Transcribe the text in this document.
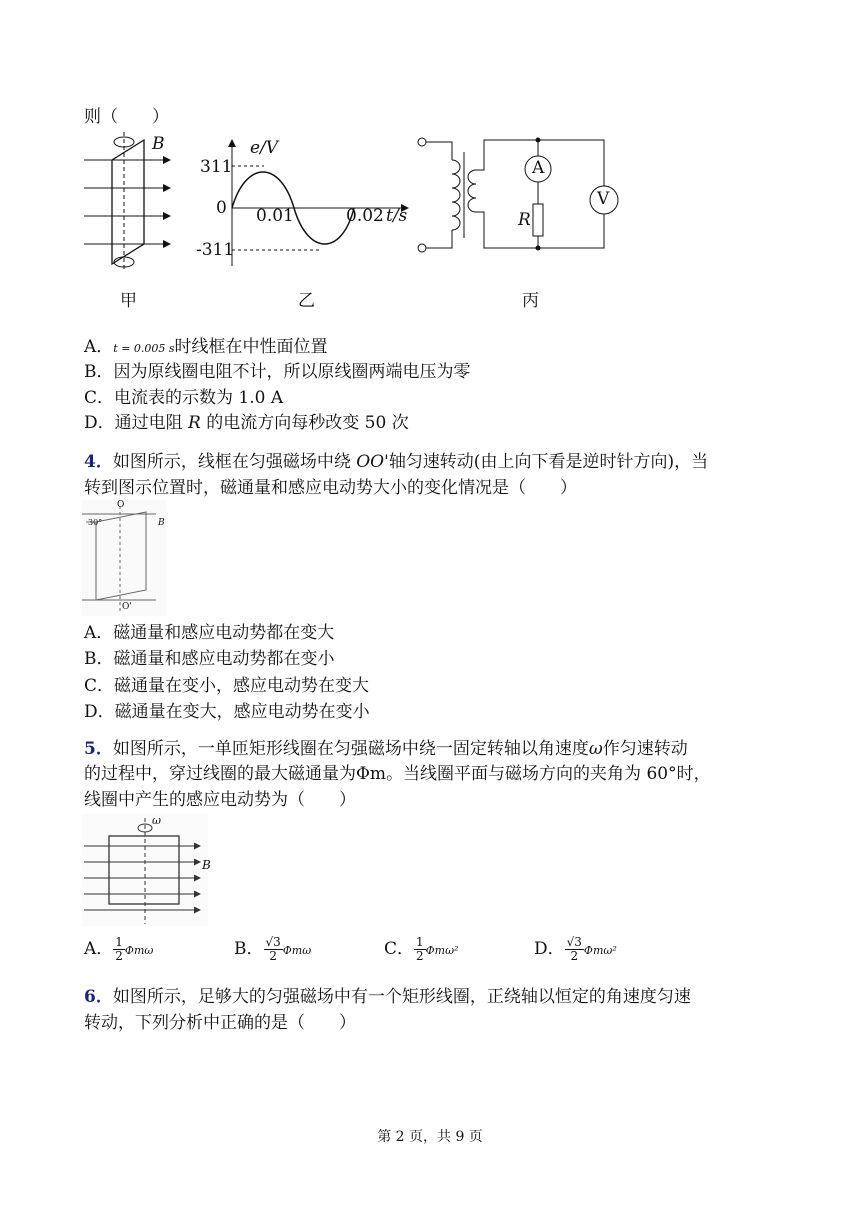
则（　　）
B
甲
e/V
311
0
-311
0.01	0.02 t/s
乙
A
V
R
丙
A．t = 0.005 s时线框在中性面位置
B．因为原线圈电阻不计，所以原线圈两端电压为零
C．电流表的示数为 1.0 A
D．通过电阻 R 的电流方向每秒改变 50 次
4．如图所示，线框在匀强磁场中绕 OO'轴匀速转动(由上向下看是逆时针方向)，当
转到图示位置时，磁通量和感应电动势大小的变化情况是（　　）
O
30°	B
O'
A．磁通量和感应电动势都在变大
B．磁通量和感应电动势都在变小
C．磁通量在变小，感应电动势在变大
D．磁通量在变大，感应电动势在变小
5．如图所示，一单匝矩形线圈在匀强磁场中绕一固定转轴以角速度ω作匀速转动
的过程中，穿过线圈的最大磁通量为Φm。当线圈平面与磁场方向的夹角为 60°时，
线圈中产生的感应电动势为（　　）
ω
B
A． $\frac{1}{2}$ Φmω	B． $\frac{√3}{2}$ Φmω	C． $\frac{1}{2} \Phi m\omega^2$	D． $\frac{√3}{2} \Phi m\omega^2$
6．如图所示，足够大的匀强磁场中有一个矩形线圈，正绕轴以恒定的角速度匀速
转动，下列分析中正确的是（　　）
第 2 页，共 9 页
